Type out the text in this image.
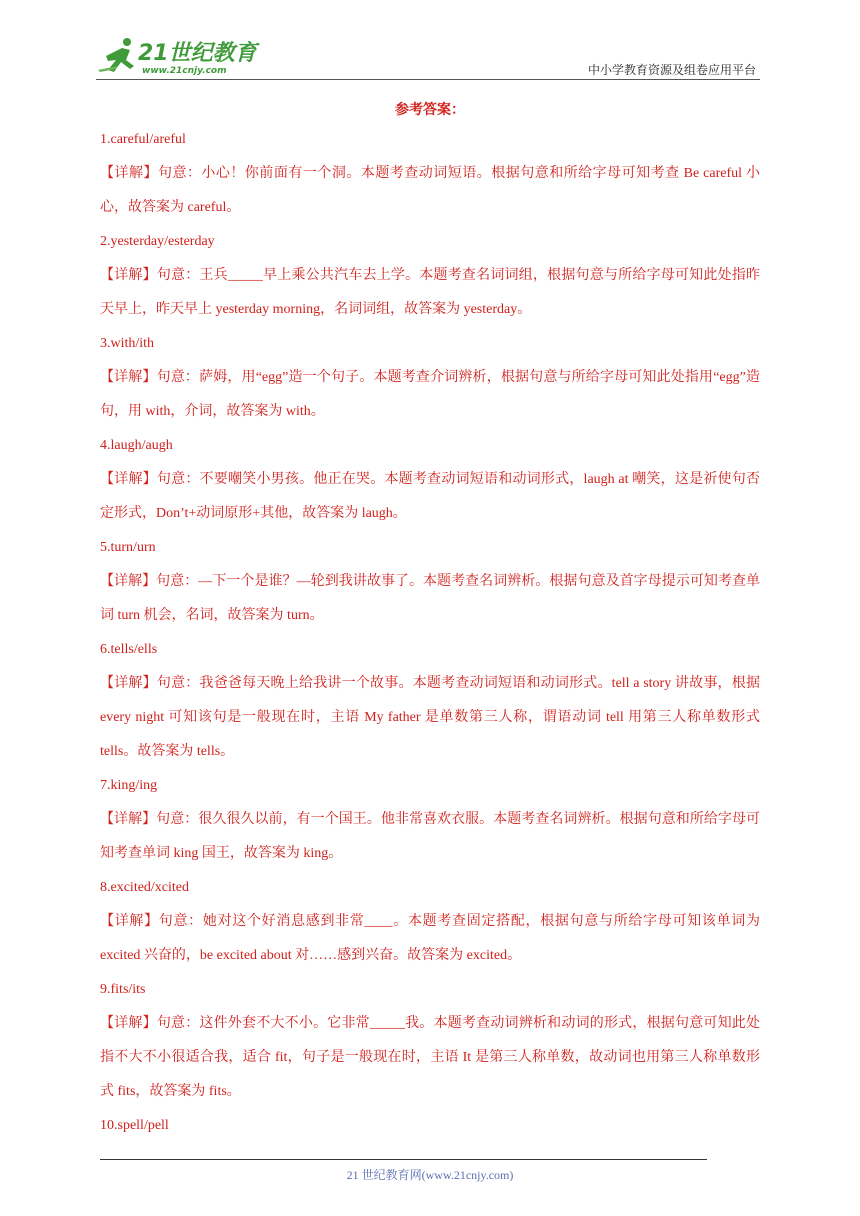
21世纪教育
www.21cnjy.com	中小学教育资源及组卷应用平台

参考答案：

1.careful/areful

【详解】句意：小心！你前面有一个洞。本题考查动词短语。根据句意和所给字母可知考查 Be careful 小心，故答案为 careful。

2.yesterday/esterday

【详解】句意：王兵_____早上乘公共汽车去上学。本题考查名词词组，根据句意与所给字母可知此处指昨天早上，昨天早上 yesterday morning，名词词组，故答案为 yesterday。

3.with/ith

【详解】句意：萨姆，用“egg”造一个句子。本题考查介词辨析，根据句意与所给字母可知此处指用“egg”造句，用 with，介词，故答案为 with。

4.laugh/augh

【详解】句意：不要嘲笑小男孩。他正在哭。本题考查动词短语和动词形式，laugh at 嘲笑，这是祈使句否定形式，Don’t+动词原形+其他，故答案为 laugh。

5.turn/urn

【详解】句意：—下一个是谁？—轮到我讲故事了。本题考查名词辨析。根据句意及首字母提示可知考查单词 turn 机会，名词，故答案为 turn。

6.tells/ells

【详解】句意：我爸爸每天晚上给我讲一个故事。本题考查动词短语和动词形式。tell a story 讲故事，根据 every night 可知该句是一般现在时，主语 My father 是单数第三人称，谓语动词 tell 用第三人称单数形式 tells。故答案为 tells。

7.king/ing

【详解】句意：很久很久以前，有一个国王。他非常喜欢衣服。本题考查名词辨析。根据句意和所给字母可知考查单词 king 国王，故答案为 king。

8.excited/xcited

【详解】句意：她对这个好消息感到非常____。本题考查固定搭配，根据句意与所给字母可知该单词为 excited 兴奋的，be excited about 对……感到兴奋。故答案为 excited。

9.fits/its

【详解】句意：这件外套不大不小。它非常_____我。本题考查动词辨析和动词的形式，根据句意可知此处指不大不小很适合我，适合 fit，句子是一般现在时，主语 It 是第三人称单数，故动词也用第三人称单数形式 fits，故答案为 fits。

10.spell/pell

21 世纪教育网(www.21cnjy.com)
